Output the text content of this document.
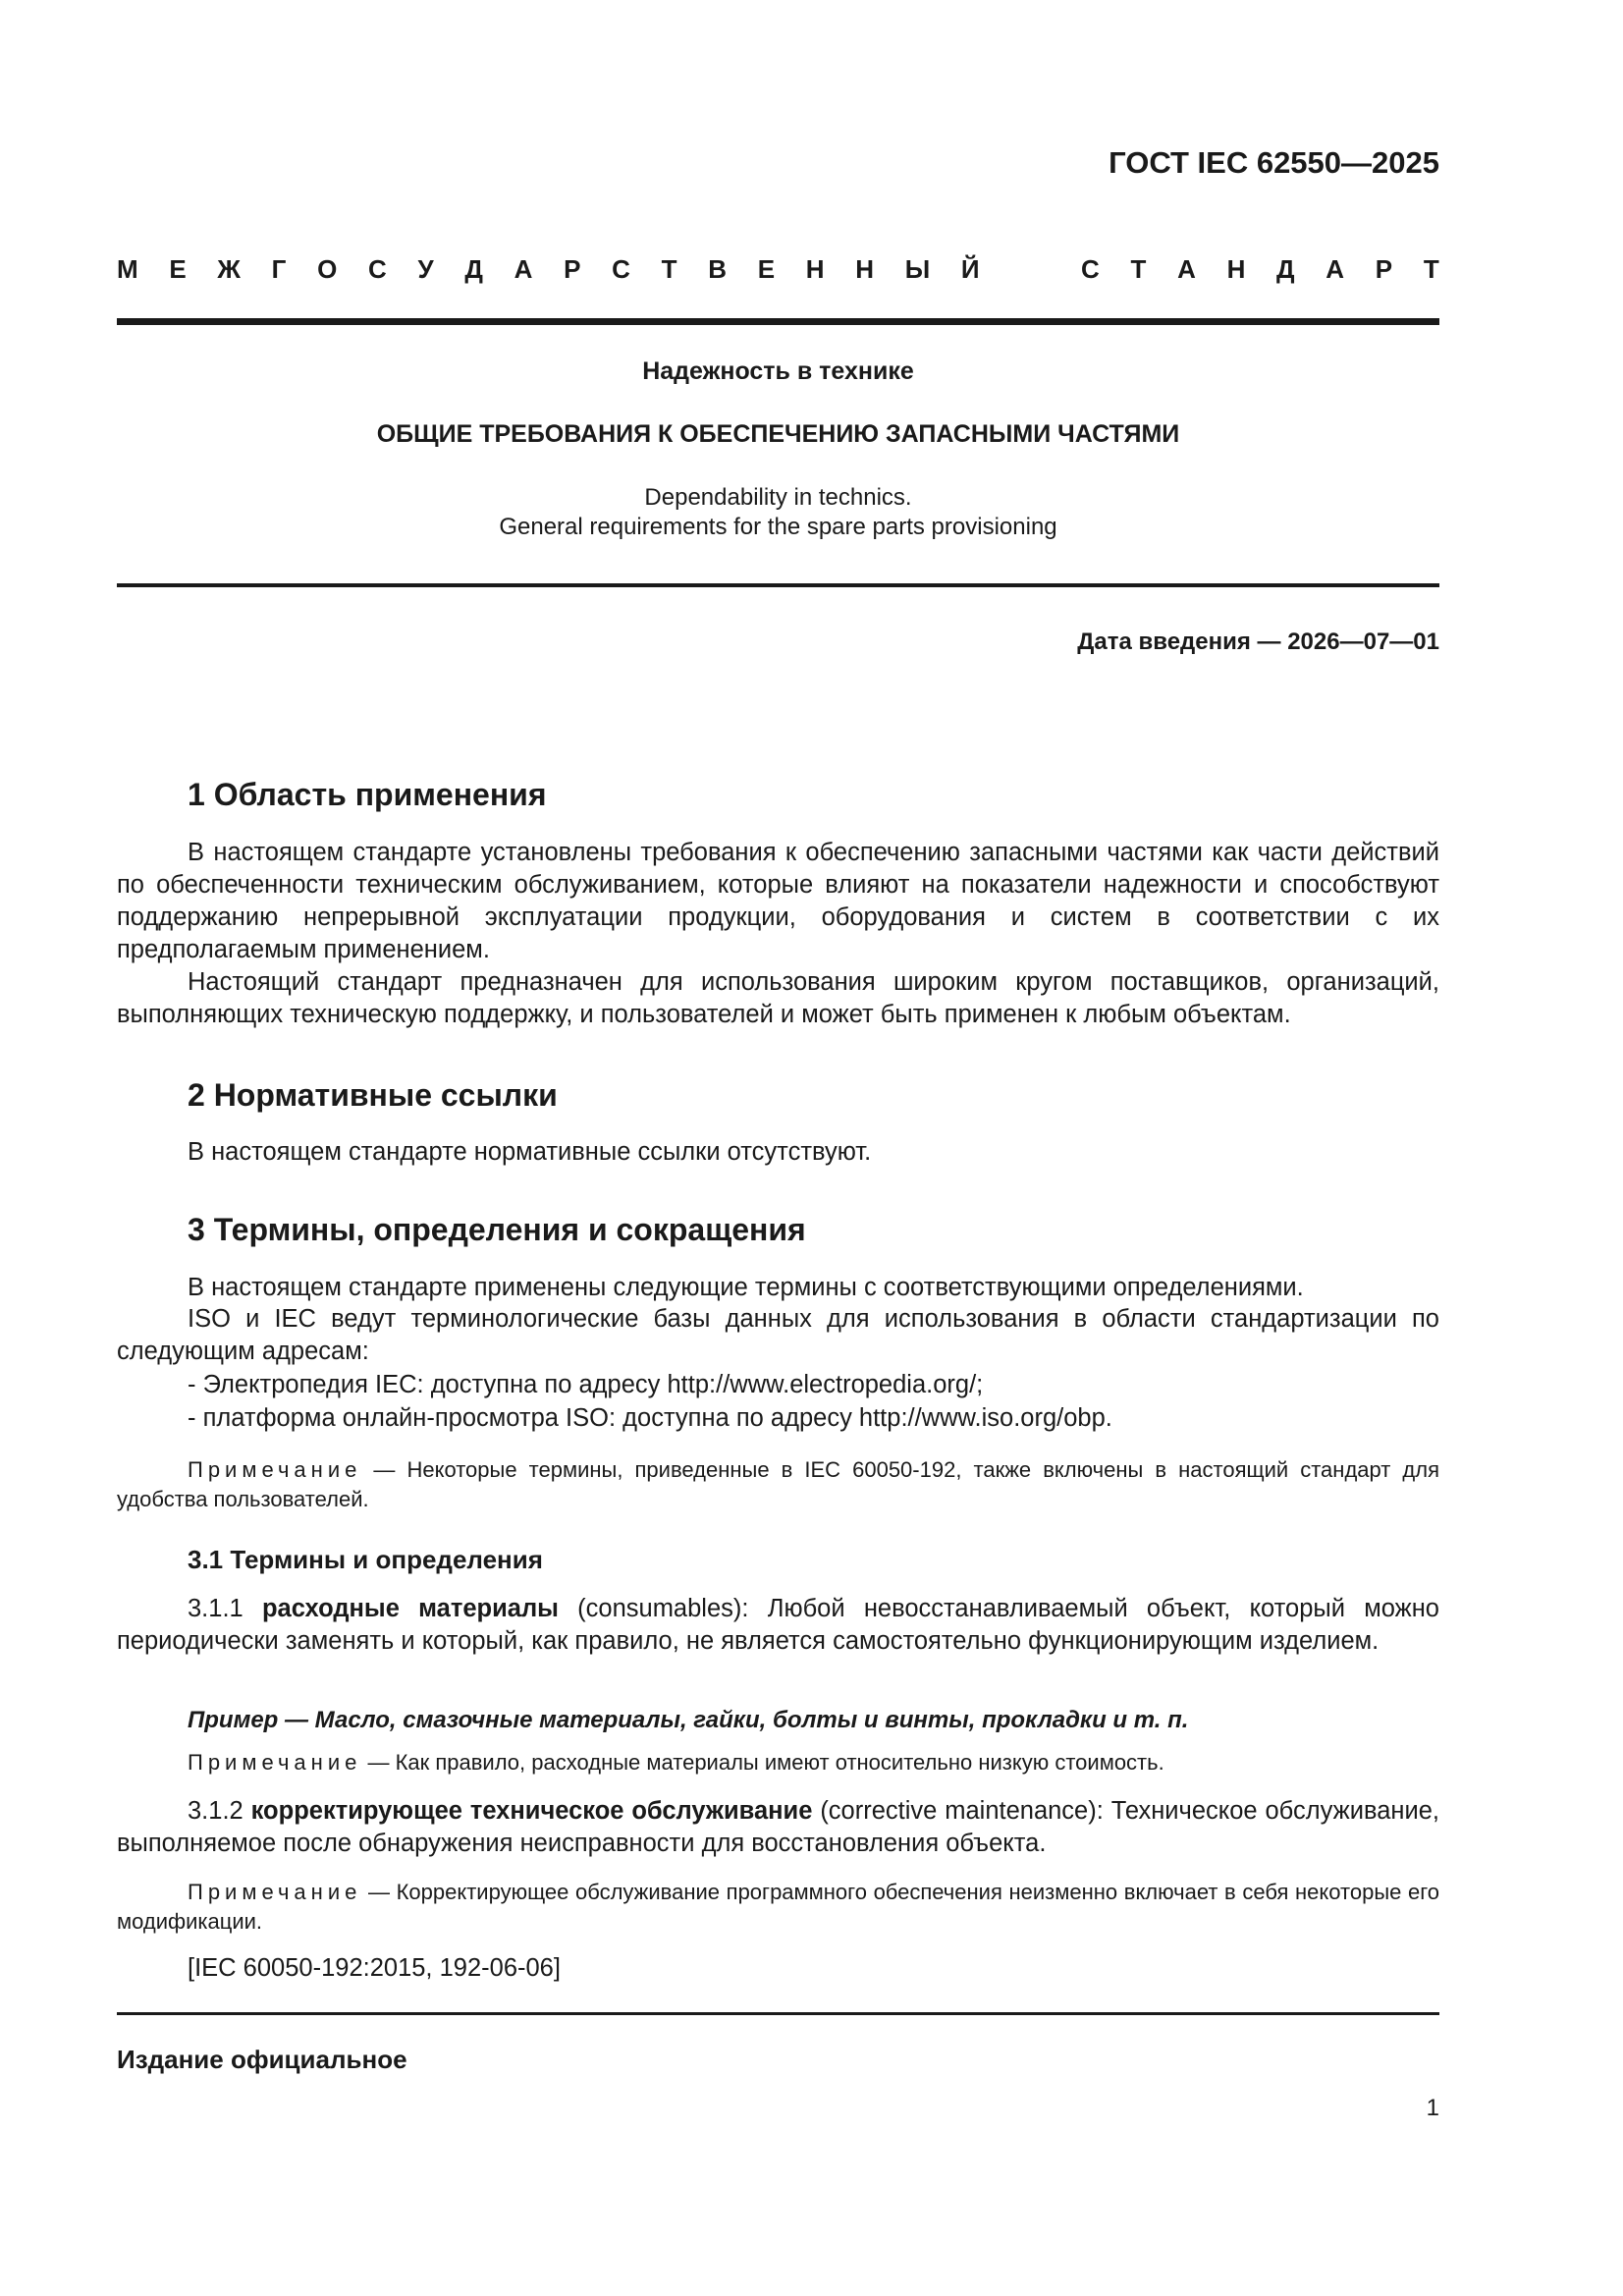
ГОСТ IEC 62550—2025
М Е Ж Г О С У Д А Р С Т В Е Н Н Ы Й	С Т А Н Д А Р Т
Надежность в технике
ОБЩИЕ ТРЕБОВАНИЯ К ОБЕСПЕЧЕНИЮ ЗАПАСНЫМИ ЧАСТЯМИ
Dependability in technics.
General requirements for the spare parts provisioning
Дата введения — 2026—07—01
1 Область применения
В настоящем стандарте установлены требования к обеспечению запасными частями как части действий по обеспеченности техническим обслуживанием, которые влияют на показатели надежности и способствуют поддержанию непрерывной эксплуатации продукции, оборудования и систем в соответствии с их предполагаемым применением.
Настоящий стандарт предназначен для использования широким кругом поставщиков, организаций, выполняющих техническую поддержку, и пользователей и может быть применен к любым объектам.
2 Нормативные ссылки
В настоящем стандарте нормативные ссылки отсутствуют.
3 Термины, определения и сокращения
В настоящем стандарте применены следующие термины с соответствующими определениями.
ISO и IEC ведут терминологические базы данных для использования в области стандартизации по следующим адресам:
- Электропедия IEC: доступна по адресу http://www.electropedia.org/;
- платформа онлайн-просмотра ISO: доступна по адресу http://www.iso.org/obp.
Примечание — Некоторые термины, приведенные в IEC 60050-192, также включены в настоящий стандарт для удобства пользователей.
3.1 Термины и определения
3.1.1 расходные материалы (consumables): Любой невосстанавливаемый объект, который можно периодически заменять и который, как правило, не является самостоятельно функционирующим изделием.
Пример — Масло, смазочные материалы, гайки, болты и винты, прокладки и т. п.
Примечание — Как правило, расходные материалы имеют относительно низкую стоимость.
3.1.2 корректирующее техническое обслуживание (corrective maintenance): Техническое обслуживание, выполняемое после обнаружения неисправности для восстановления объекта.
Примечание — Корректирующее обслуживание программного обеспечения неизменно включает в себя некоторые его модификации.
[IEC 60050-192:2015, 192-06-06]
Издание официальное
1
